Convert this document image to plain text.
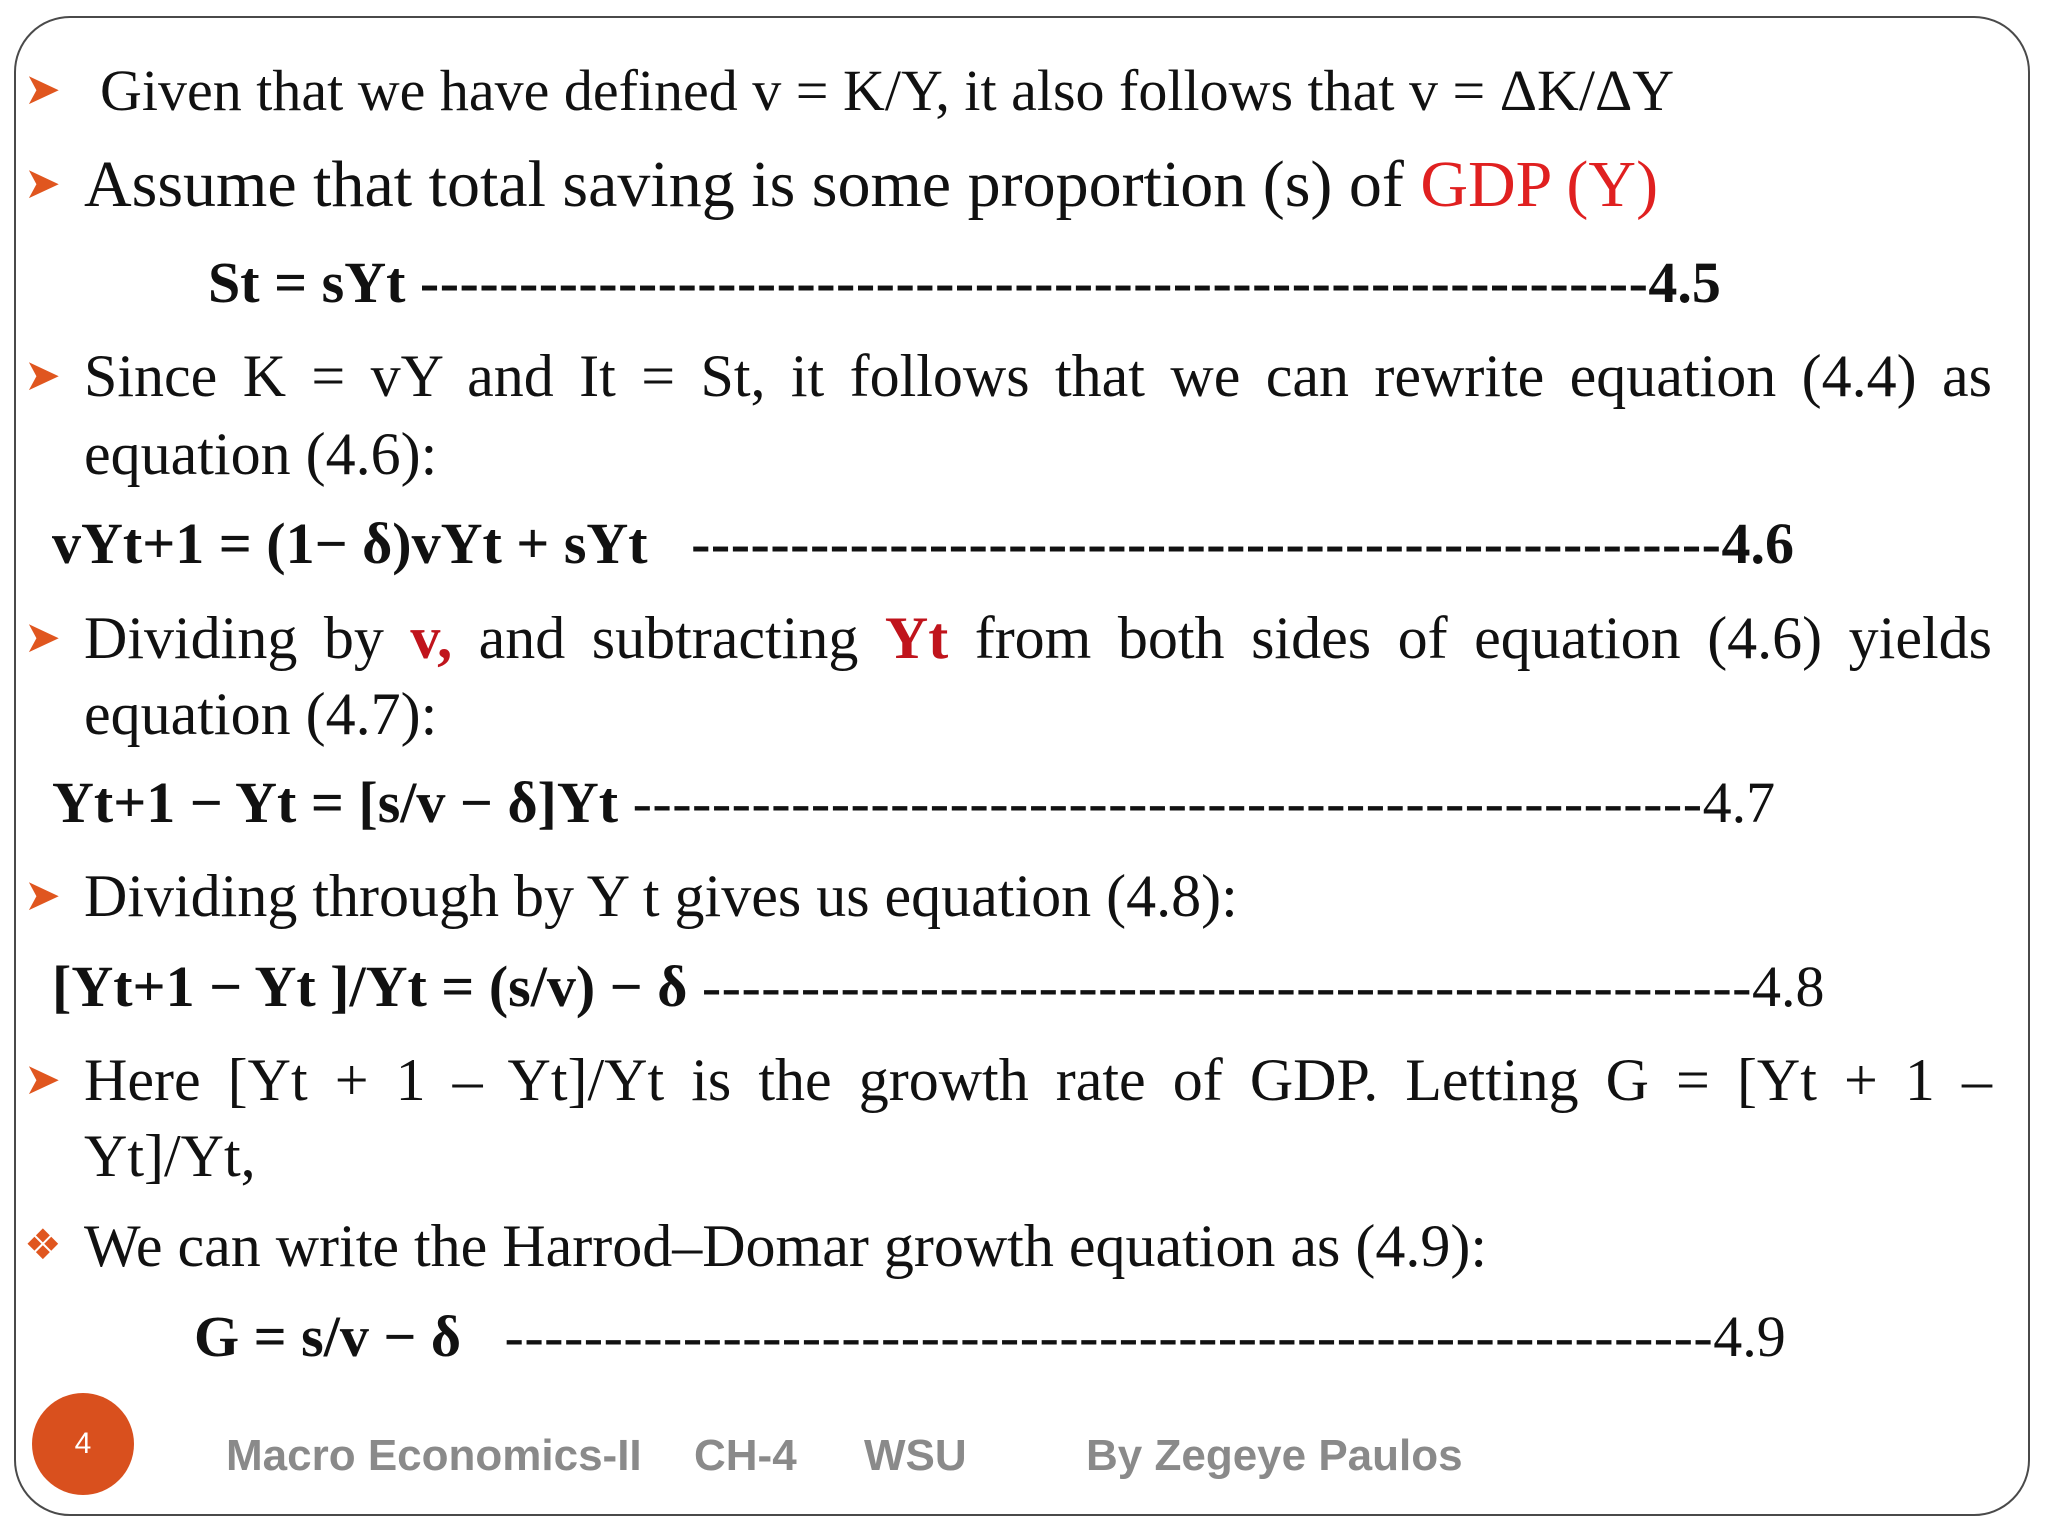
➤ Given that we have defined v = K/Y, it also follows that v = ΔK/ΔY
➤ Assume that total saving is some proportion (s) of GDP (Y)
St = sYt --------------------------------------------------------------4.5
➤ Since K = vY and It = St, it follows that we can rewrite equation (4.4) as
equation (4.6):
vYt+1 = (1− δ)vYt + sYt ----------------------------------------------------4.6
➤ Dividing by v, and subtracting Yt from both sides of equation (4.6) yields
equation (4.7):
Yt+1 − Yt = [s/v − δ]Yt ------------------------------------------------------4.7
➤ Dividing through by Y t gives us equation (4.8):
[Yt+1 − Yt ]/Yt = (s/v) − δ -----------------------------------------------------4.8
➤ Here [Yt + 1 – Yt]/Yt is the growth rate of GDP. Letting G = [Yt + 1 –
Yt]/Yt,
❖ We can write the Harrod–Domar growth equation as (4.9):
G = s/v − δ -------------------------------------------------------------4.9
4	Macro Economics-II CH-4 WSU	By Zegeye Paulos
